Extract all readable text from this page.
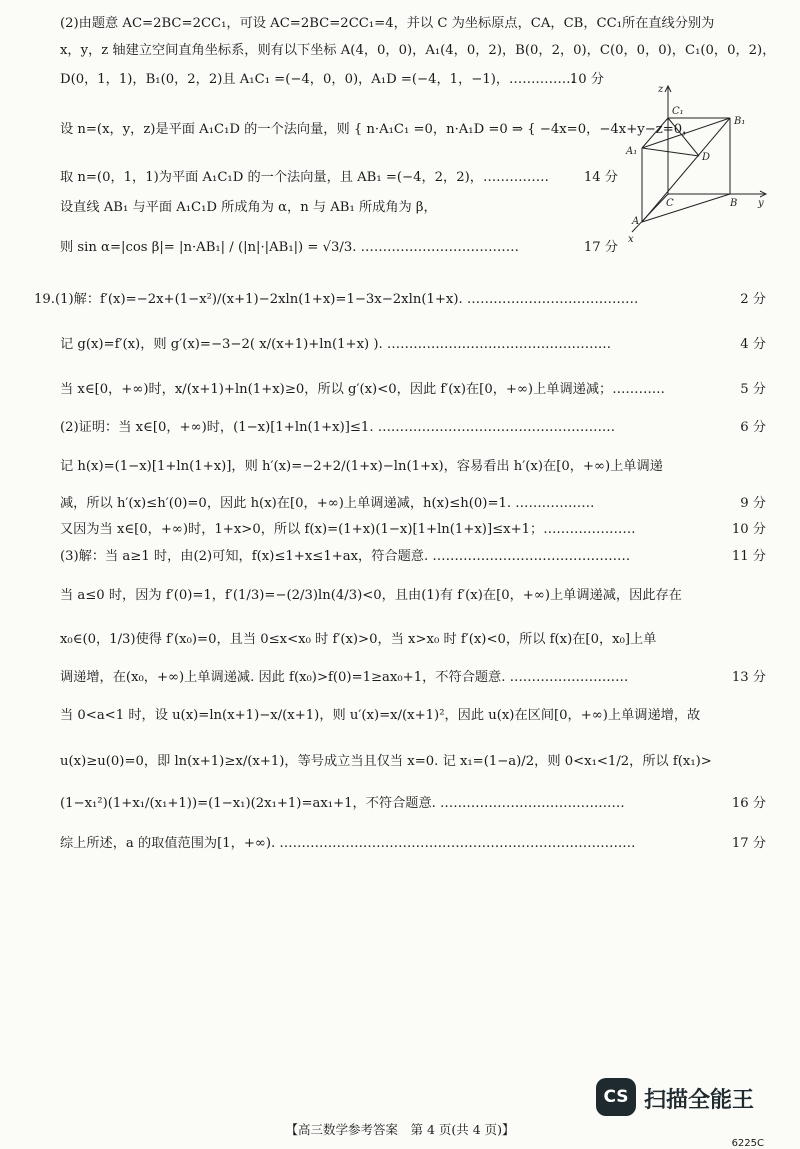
(2)由题意 AC=2BC=2CC₁，可设 AC=2BC=2CC₁=4，并以 C 为坐标原点，CA，CB，CC₁所在直线分别为
x，y，z 轴建立空间直角坐标系，则有以下坐标 A(4，0，0)，A₁(4，0，2)，B(0，2，0)，C(0，0，0)，C₁(0，0，2)，
D(0，1，1)，B₁(0，2，2)且 A₁C₁ =(−4，0，0)，A₁D =(−4，1，−1)，……………
10 分
设 n=(x，y，z)是平面 A₁C₁D 的一个法向量，则 { n·A₁C₁ =0，n·A₁D =0 ⇒ { −4x=0，−4x+y−z=0，
取 n=(0，1，1)为平面 A₁C₁D 的一个法向量，且 AB₁ =(−4，2，2)，……………	14 分
设直线 AB₁ 与平面 A₁C₁D 所成角为 α，n 与 AB₁ 所成角为 β，
则 sin α=|cos β|= |n·AB₁| / (|n|·|AB₁|) = √3/3. ………………………………	17 分
19.(1)解：f′(x)=−2x+(1−x²)/(x+1)−2xln(1+x)=1−3x−2xln(1+x). …………………………………	2 分
记 g(x)=f′(x)，则 g′(x)=−3−2( x/(x+1)+ln(1+x) ). ……………………………………………	4 分
当 x∈[0，+∞)时，x/(x+1)+ln(1+x)≥0，所以 g′(x)<0，因此 f′(x)在[0，+∞)上单调递减；…………	5 分
(2)证明：当 x∈[0，+∞)时，(1−x)[1+ln(1+x)]≤1. ………………………………………………	6 分
记 h(x)=(1−x)[1+ln(1+x)]，则 h′(x)=−2+2/(1+x)−ln(1+x)，容易看出 h′(x)在[0，+∞)上单调递
减，所以 h′(x)≤h′(0)=0，因此 h(x)在[0，+∞)上单调递减，h(x)≤h(0)=1. ………………	9 分
又因为当 x∈[0，+∞)时，1+x>0，所以 f(x)=(1+x)(1−x)[1+ln(1+x)]≤x+1；…………………	10 分
(3)解：当 a≥1 时，由(2)可知，f(x)≤1+x≤1+ax，符合题意. ………………………………………	11 分
当 a≤0 时，因为 f′(0)=1，f′(1/3)=−(2/3)ln(4/3)<0，且由(1)有 f′(x)在[0，+∞)上单调递减，因此存在
x₀∈(0，1/3)使得 f′(x₀)=0，且当 0≤x<x₀ 时 f′(x)>0，当 x>x₀ 时 f′(x)<0，所以 f(x)在[0，x₀]上单
调递增，在(x₀，+∞)上单调递减. 因此 f(x₀)>f(0)=1≥ax₀+1，不符合题意. ………………………	13 分
当 0<a<1 时，设 u(x)=ln(x+1)−x/(x+1)，则 u′(x)=x/(x+1)²，因此 u(x)在区间[0，+∞)上单调递增，故
u(x)≥u(0)=0，即 ln(x+1)≥x/(x+1)，等号成立当且仅当 x=0. 记 x₁=(1−a)/2，则 0<x₁<1/2，所以 f(x₁)>
(1−x₁²)(1+x₁/(x₁+1))=(1−x₁)(2x₁+1)=ax₁+1，不符合题意. ……………………………………	16 分
综上所述，a 的取值范围为[1，+∞). ………………………………………………………………………	17 分
z
C₁
B₁
A₁
D
C
A
B y
x
CS 扫描全能王
【高三数学参考答案　第 4 页(共 4 页)】
6225C
